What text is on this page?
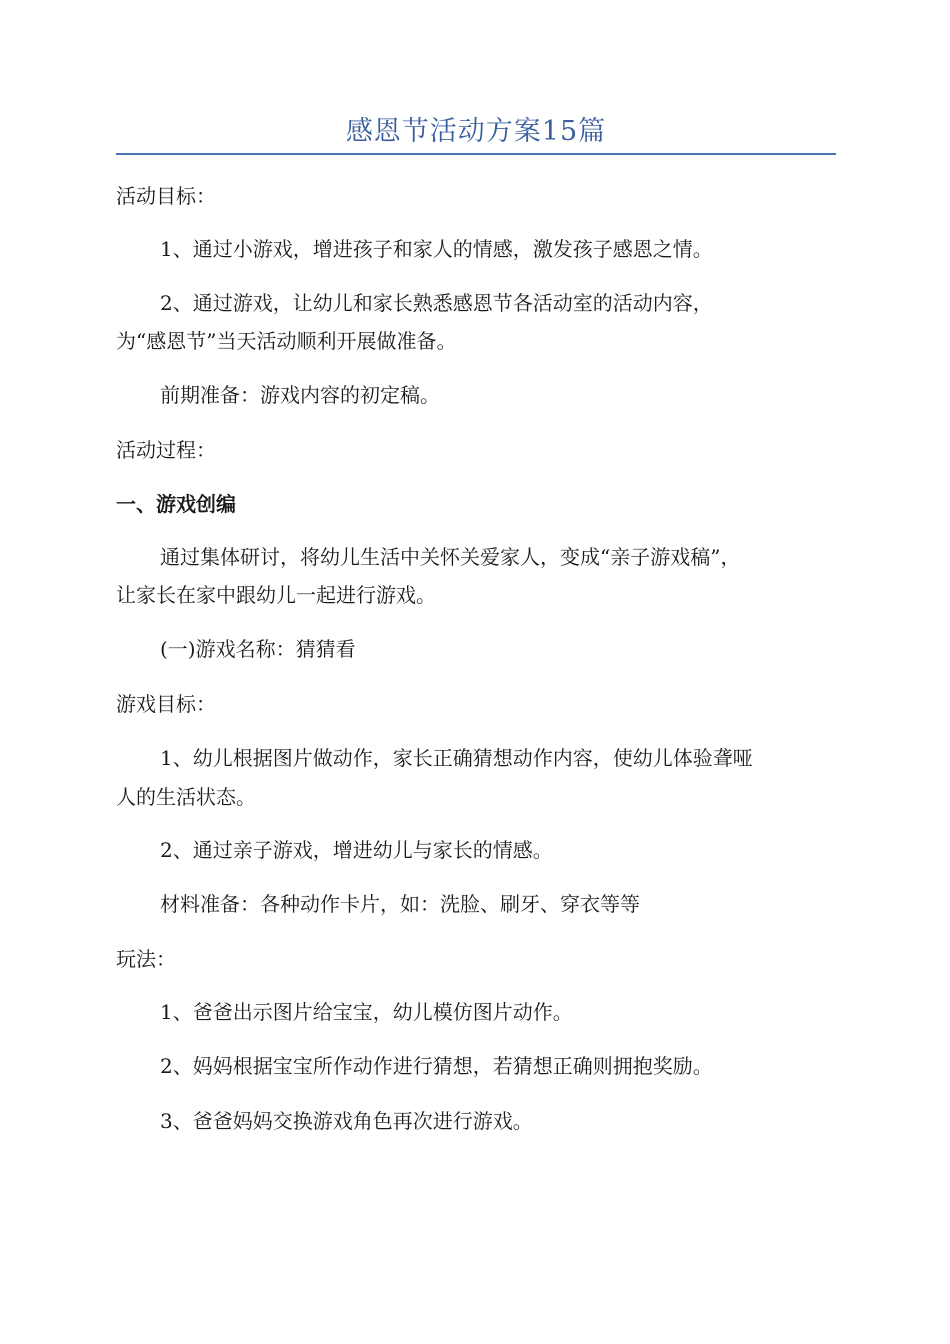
感恩节活动方案15篇
活动目标：
1、通过小游戏，增进孩子和家人的情感，激发孩子感恩之情。
2、通过游戏，让幼儿和家长熟悉感恩节各活动室的活动内容，
为“感恩节”当天活动顺利开展做准备。
前期准备：游戏内容的初定稿。
活动过程：
一、游戏创编
通过集体研讨，将幼儿生活中关怀关爱家人，变成“亲子游戏稿”，
让家长在家中跟幼儿一起进行游戏。
(一)游戏名称：猜猜看
游戏目标：
1、幼儿根据图片做动作，家长正确猜想动作内容，使幼儿体验聋哑
人的生活状态。
2、通过亲子游戏，增进幼儿与家长的情感。
材料准备：各种动作卡片，如：洗脸、刷牙、穿衣等等
玩法：
1、爸爸出示图片给宝宝，幼儿模仿图片动作。
2、妈妈根据宝宝所作动作进行猜想，若猜想正确则拥抱奖励。
3、爸爸妈妈交换游戏角色再次进行游戏。
